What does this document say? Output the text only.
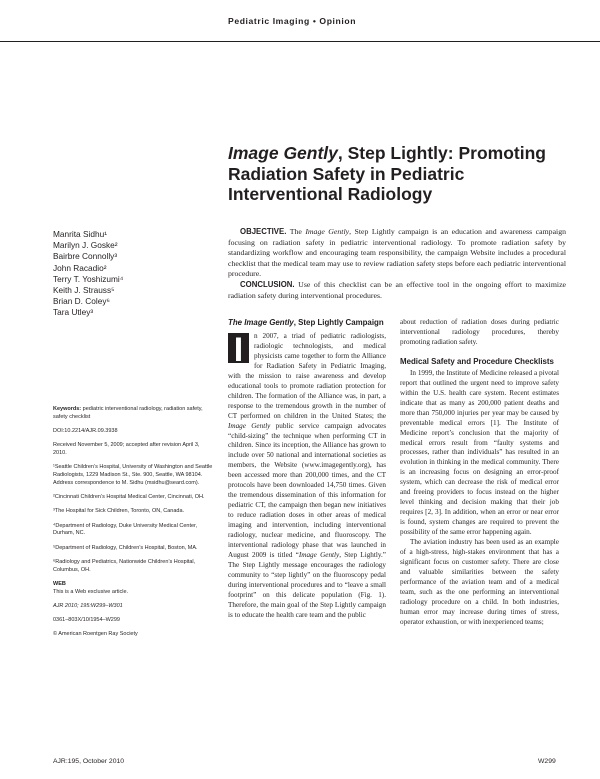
Pediatric Imaging • Opinion
Image Gently, Step Lightly: Promoting Radiation Safety in Pediatric Interventional Radiology
Manrita Sidhu¹
Marilyn J. Goske²
Bairbre Connolly³
John Racadio²
Terry T. Yoshizumi⁴
Keith J. Strauss⁵
Brian D. Coley⁶
Tara Utley³

OBJECTIVE. The Image Gently, Step Lightly campaign is an education and awareness campaign focusing on radiation safety in pediatric interventional radiology. To promote radiation safety by standardizing workflow and encouraging team responsibility, the campaign Website includes a procedural checklist that the medical team may use to review radiation safety steps before each pediatric interventional procedure.

CONCLUSION. Use of this checklist can be an effective tool in the ongoing effort to maximize radiation safety during interventional procedures.

Keywords: pediatric interventional radiology, radiation safety, safety checklist

DOI:10.2214/AJR.09.3938

Received November 5, 2009; accepted after revision April 3, 2010.

¹Seattle Children’s Hospital, University of Washington and Seattle Radiologists, 1229 Madison St., Ste. 900, Seattle, WA 98104. Address correspondence to M. Sidhu (msidhu@seard.com).

²Cincinnati Children’s Hospital Medical Center, Cincinnati, OH.

³The Hospital for Sick Children, Toronto, ON, Canada.

⁴Department of Radiology, Duke University Medical Center, Durham, NC.

⁵Department of Radiology, Children’s Hospital, Boston, MA.

⁶Radiology and Pediatrics, Nationwide Children’s Hospital, Columbus, OH.

WEB

This is a Web exclusive article.

AJR 2010; 195:W299–W301

0361–803X/10/1954–W299

© American Roentgen Ray Society

The Image Gently, Step Lightly Campaign

I	n 2007, a triad of pediatric radiologists, radiologic technologists, and medical physicists came together to form the Alliance for Radiation Safety in Pediatric Imaging, with the mission to raise awareness and develop educational tools to promote radiation protection for children. The formation of the Alliance was, in part, a response to the tremendous growth in the number of CT performed on children in the United States; the Image Gently public service campaign advocates “child-sizing” the technique when performing CT in children. Since its inception, the Alliance has grown to include over 50 national and international societies as members, the Website (www.imagegently.org), has been accessed more than 200,000 times, and the CT protocols have been downloaded 14,750 times. Given the tremendous dissemination of this information for pediatric CT, the campaign then began new initiatives to reduce radiation doses in other areas of medical imaging and intervention, including interventional radiology, nuclear medicine, and fluoroscopy. The interventional radiology phase that was launched in August 2009 is titled “Image Gently, Step Lightly.” The Step Lightly message encourages the radiology community to “step lightly” on the fluoroscopy pedal during interventional procedures and to “leave a small footprint” on this delicate population (Fig. 1). Therefore, the main goal of the Step Lightly campaign is to educate the health care team and the public

about reduction of radiation doses during pediatric interventional radiology procedures, thereby promoting radiation safety.

Medical Safety and Procedure Checklists

In 1999, the Institute of Medicine released a pivotal report that outlined the urgent need to improve safety within the U.S. health care system. Recent estimates indicate that as many as 200,000 patient deaths and more than 750,000 injuries per year may be caused by preventable medical errors [1]. The Institute of Medicine report’s conclusion that the majority of medical errors result from “faulty systems and processes, rather than individuals” has resulted in an evolution in thinking in the medical community. There is an increasing focus on designing an error-proof system, which can decrease the risk of medical error and freeing providers to focus instead on the higher level thinking and decision making that their job requires [2, 3]. In addition, when an error or near error is found, system changes are required to prevent the possibility of the same error happening again.

The aviation industry has been used as an example of a high-stress, high-stakes environment that has a significant focus on customer safety. There are close and valuable similarities between the safety performance of the aviation team and of a medical team, such as the one performing an interventional radiology procedure on a child. In both industries, human error may increase during times of stress, operator exhaustion, or with inexperienced teams;

AJR:195, October 2010	W299
